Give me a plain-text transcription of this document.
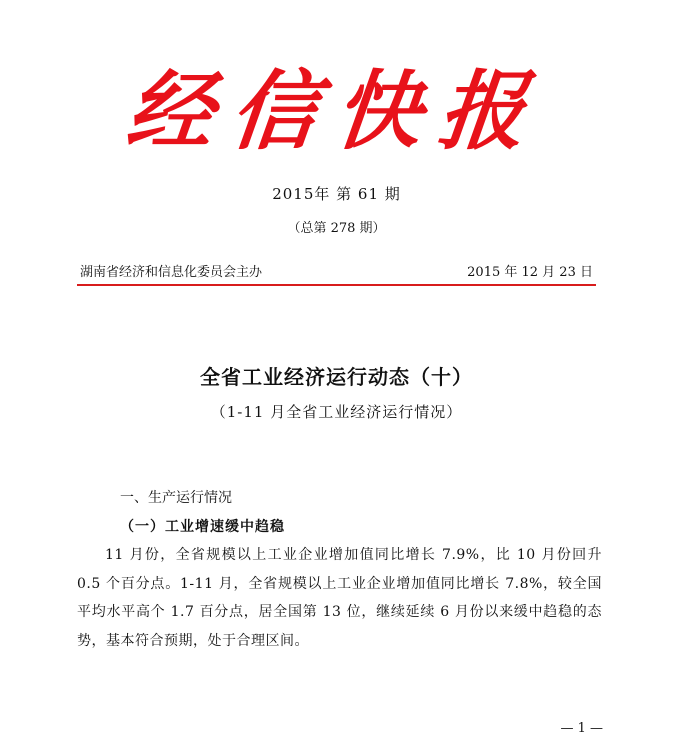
经信快报
2015年 第 61 期
（总第 278 期）
湖南省经济和信息化委员会主办	2015 年 12 月 23 日
全省工业经济运行动态（十）
（1-11 月全省工业经济运行情况）
一、生产运行情况
（一）工业增速缓中趋稳

11 月份，全省规模以上工业企业增加值同比增长 7.9%，比 10 月份回升 0.5 个百分点。1-11 月，全省规模以上工业企业增加值同比增长 7.8%，较全国平均水平高个 1.7 百分点，居全国第 13 位，继续延续 6 月份以来缓中趋稳的态势，基本符合预期，处于合理区间。

— 1 —
